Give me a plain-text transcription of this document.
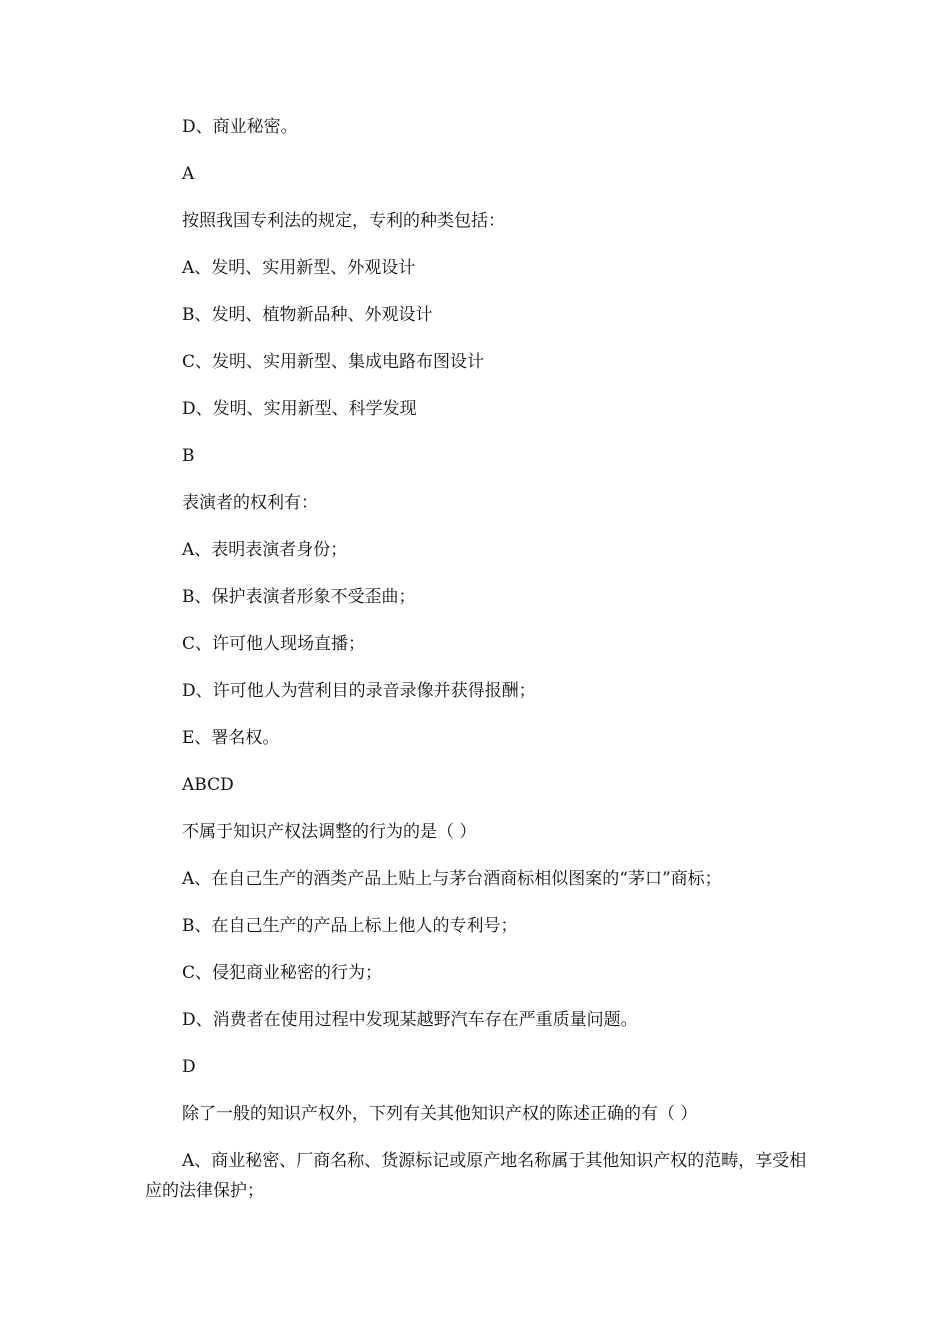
D、商业秘密。

A

按照我国专利法的规定，专利的种类包括：

A、发明、实用新型、外观设计

B、发明、植物新品种、外观设计

C、发明、实用新型、集成电路布图设计

D、发明、实用新型、科学发现

B

表演者的权利有：

A、表明表演者身份；

B、保护表演者形象不受歪曲；

C、许可他人现场直播；

D、许可他人为营利目的录音录像并获得报酬；

E、署名权。

ABCD

不属于知识产权法调整的行为的是（ ）

A、在自己生产的酒类产品上贴上与茅台酒商标相似图案的“茅口”商标；

B、在自己生产的产品上标上他人的专利号；

C、侵犯商业秘密的行为；

D、消费者在使用过程中发现某越野汽车存在严重质量问题。

D

除了一般的知识产权外，下列有关其他知识产权的陈述正确的有（ ）

A、商业秘密、厂商名称、货源标记或原产地名称属于其他知识产权的范畴，享受相应的法律保护；
